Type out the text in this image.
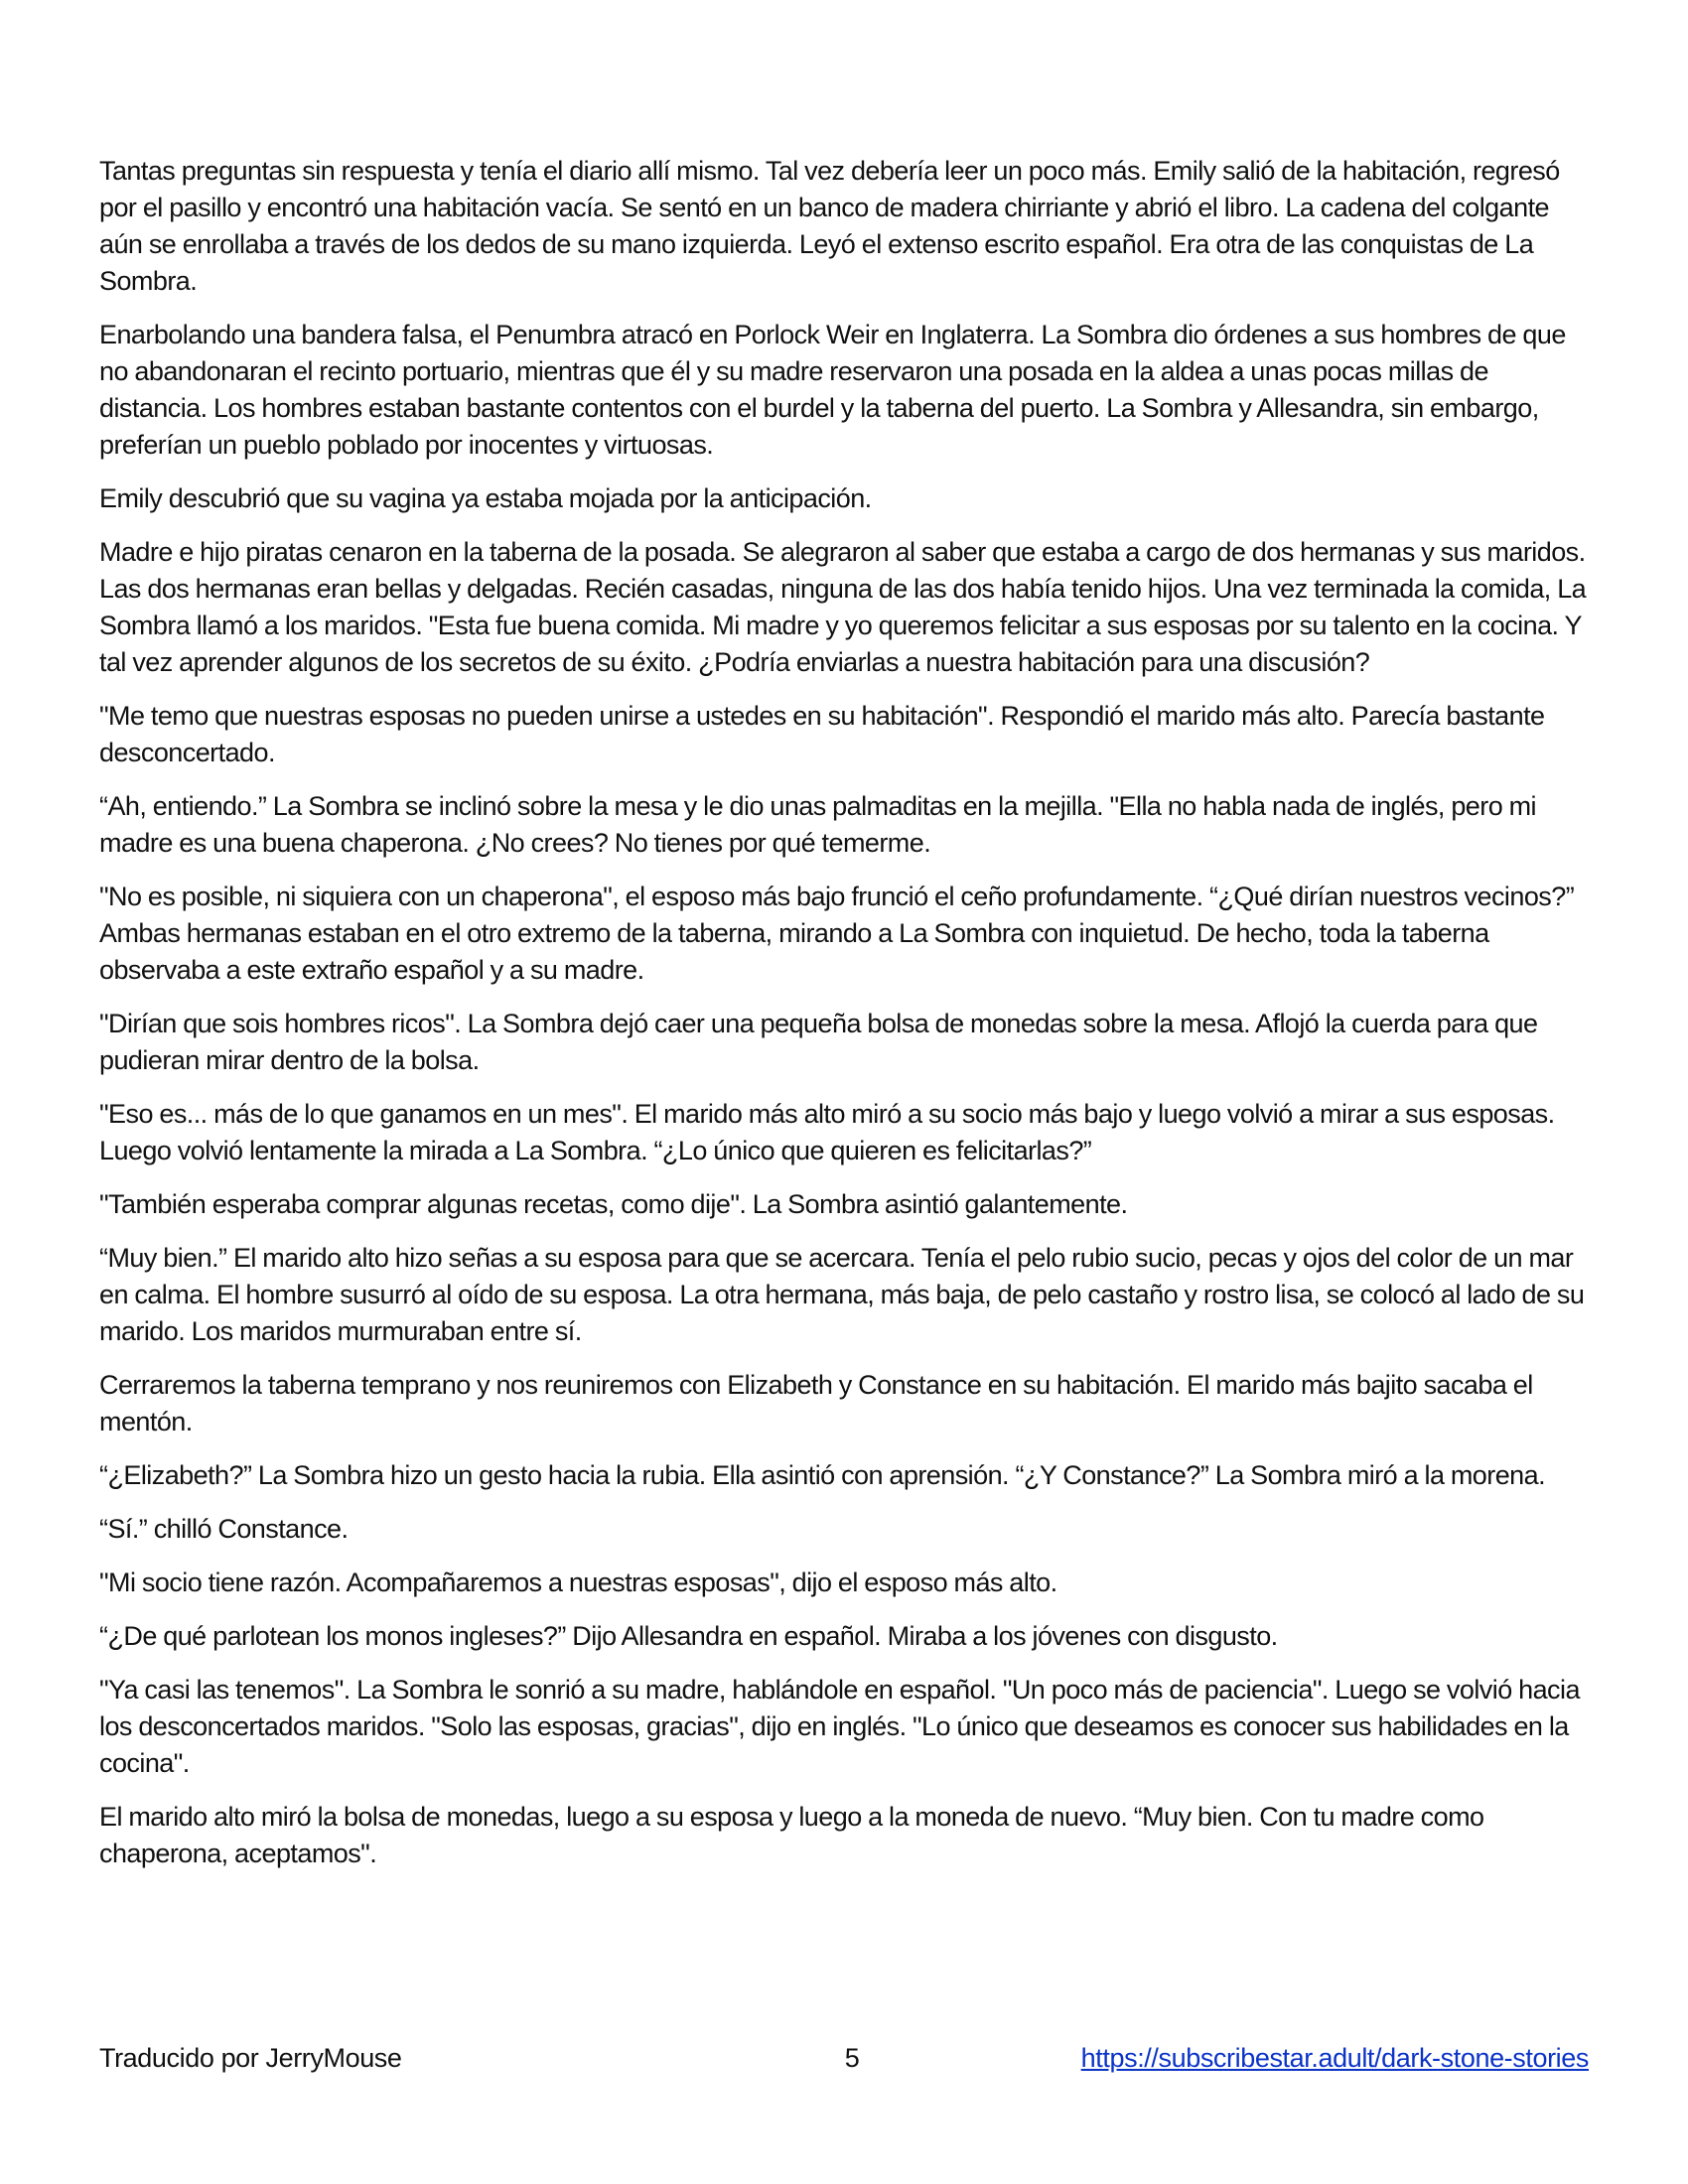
Tantas preguntas sin respuesta y tenía el diario allí mismo. Tal vez debería leer un poco más. Emily salió de la habitación, regresó por el pasillo y encontró una habitación vacía. Se sentó en un banco de madera chirriante y abrió el libro. La cadena del colgante aún se enrollaba a través de los dedos de su mano izquierda. Leyó el extenso escrito español. Era otra de las conquistas de La Sombra.

Enarbolando una bandera falsa, el Penumbra atracó en Porlock Weir en Inglaterra. La Sombra dio órdenes a sus hombres de que no abandonaran el recinto portuario, mientras que él y su madre reservaron una posada en la aldea a unas pocas millas de distancia. Los hombres estaban bastante contentos con el burdel y la taberna del puerto. La Sombra y Allesandra, sin embargo, preferían un pueblo poblado por inocentes y virtuosas.

Emily descubrió que su vagina ya estaba mojada por la anticipación.

Madre e hijo piratas cenaron en la taberna de la posada. Se alegraron al saber que estaba a cargo de dos hermanas y sus maridos. Las dos hermanas eran bellas y delgadas. Recién casadas, ninguna de las dos había tenido hijos. Una vez terminada la comida, La Sombra llamó a los maridos. "Esta fue buena comida. Mi madre y yo queremos felicitar a sus esposas por su talento en la cocina. Y tal vez aprender algunos de los secretos de su éxito. ¿Podría enviarlas a nuestra habitación para una discusión?

"Me temo que nuestras esposas no pueden unirse a ustedes en su habitación". Respondió el marido más alto. Parecía bastante desconcertado.

“Ah, entiendo.” La Sombra se inclinó sobre la mesa y le dio unas palmaditas en la mejilla. "Ella no habla nada de inglés, pero mi madre es una buena chaperona. ¿No crees? No tienes por qué temerme.

"No es posible, ni siquiera con un chaperona", el esposo más bajo frunció el ceño profundamente. “¿Qué dirían nuestros vecinos?” Ambas hermanas estaban en el otro extremo de la taberna, mirando a La Sombra con inquietud. De hecho, toda la taberna observaba a este extraño español y a su madre.

"Dirían que sois hombres ricos". La Sombra dejó caer una pequeña bolsa de monedas sobre la mesa. Aflojó la cuerda para que pudieran mirar dentro de la bolsa.

"Eso es... más de lo que ganamos en un mes". El marido más alto miró a su socio más bajo y luego volvió a mirar a sus esposas. Luego volvió lentamente la mirada a La Sombra. “¿Lo único que quieren es felicitarlas?”

"También esperaba comprar algunas recetas, como dije". La Sombra asintió galantemente.

“Muy bien.” El marido alto hizo señas a su esposa para que se acercara. Tenía el pelo rubio sucio, pecas y ojos del color de un mar en calma. El hombre susurró al oído de su esposa. La otra hermana, más baja, de pelo castaño y rostro lisa, se colocó al lado de su marido. Los maridos murmuraban entre sí.

Cerraremos la taberna temprano y nos reuniremos con Elizabeth y Constance en su habitación. El marido más bajito sacaba el mentón.

“¿Elizabeth?” La Sombra hizo un gesto hacia la rubia. Ella asintió con aprensión. “¿Y Constance?” La Sombra miró a la morena.

“Sí.” chilló Constance.

"Mi socio tiene razón. Acompañaremos a nuestras esposas", dijo el esposo más alto.

“¿De qué parlotean los monos ingleses?” Dijo Allesandra en español. Miraba a los jóvenes con disgusto.

"Ya casi las tenemos". La Sombra le sonrió a su madre, hablándole en español. "Un poco más de paciencia". Luego se volvió hacia los desconcertados maridos. "Solo las esposas, gracias", dijo en inglés. "Lo único que deseamos es conocer sus habilidades en la cocina".

El marido alto miró la bolsa de monedas, luego a su esposa y luego a la moneda de nuevo. “Muy bien. Con tu madre como chaperona, aceptamos".

Traducido por JerryMouse	5	https://subscribestar.adult/dark-stone-stories
